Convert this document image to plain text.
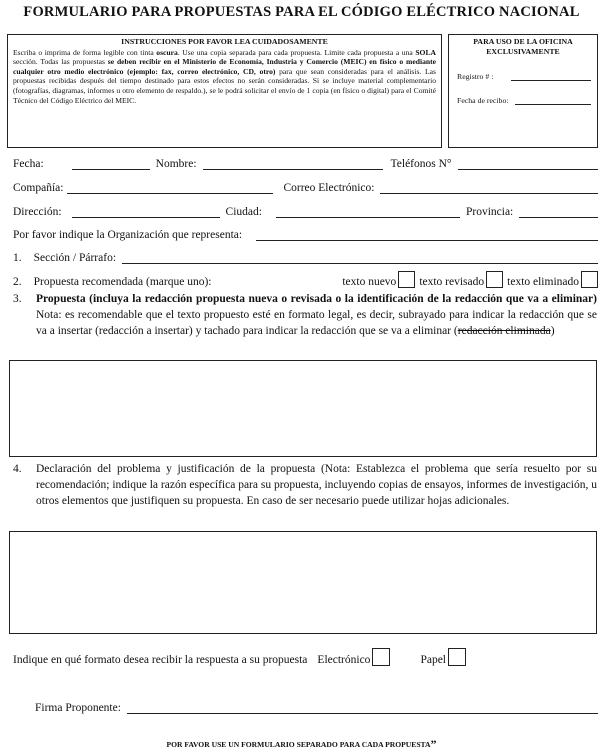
FORMULARIO PARA PROPUESTAS PARA EL CÓDIGO ELÉCTRICO NACIONAL
INSTRUCCIONES POR FAVOR LEA CUIDADOSAMENTE
Escriba o imprima de forma legible con tinta oscura. Use una copia separada para cada propuesta. Limite cada propuesta a una SOLA sección. Todas las propuestas se deben recibir en el Ministerio de Economía, Industria y Comercio (MEIC) en físico o mediante cualquier otro medio electrónico (ejemplo: fax, correo electrónico, CD, otro) para que sean consideradas para el análisis. Las propuestas recibidas después del tiempo destinado para estos efectos no serán consideradas. Si se incluye material complementario (fotografías, diagramas, informes u otro elemento de respaldo.), se le podrá solicitar el envío de 1 copia (en físico o digital) para el Comité Técnico del Código Eléctrico del MEIC.
PARA USO DE LA OFICINA EXCLUSIVAMENTE
Registro # :
Fecha de recibo:
Fecha:	Nombre:	Teléfonos N°
Compañía:	Correo Electrónico:
Dirección:	Ciudad:	Provincia:
Por favor indique la Organización que representa:
1. Sección / Párrafo:
2. Propuesta recomendada (marque uno):	texto nuevo texto revisado texto eliminado
3. Propuesta (incluya la redacción propuesta nueva o revisada o la identificación de la redacción que va a eliminar) Nota: es recomendable que el texto propuesto esté en formato legal, es decir, subrayado para indicar la redacción que se va a insertar (redacción a insertar) y tachado para indicar la redacción que se va a eliminar (redacción eliminada)
4. Declaración del problema y justificación de la propuesta (Nota: Establezca el problema que sería resuelto por su recomendación; indique la razón específica para su propuesta, incluyendo copias de ensayos, informes de investigación, u otros elementos que justifiquen su propuesta. En caso de ser necesario puede utilizar hojas adicionales.
Indique en qué formato desea recibir la respuesta a su propuesta Electrónico	Papel
Firma Proponente:
POR FAVOR USE UN FORMULARIO SEPARADO PARA CADA PROPUESTA”
